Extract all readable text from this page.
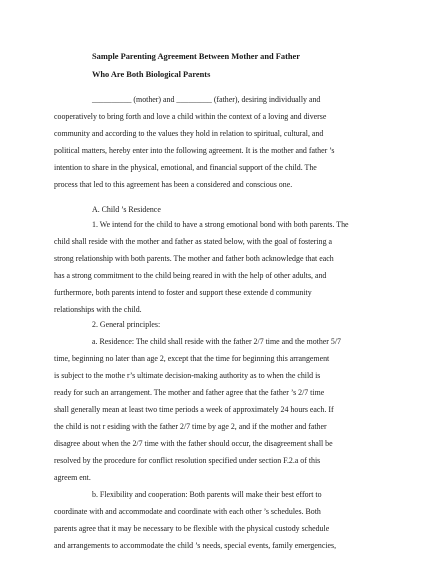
Sample Parenting Agreement Between Mother and Father
Who Are Both Biological Parents
__________ (mother) and _________ (father), desiring individually and
cooperatively to bring forth and love a child within the context of a loving and diverse
community and according to the values they hold in relation to spiritual, cultural, and
political matters, hereby enter into the following agreement. It is the mother and father ’s
intention to share in the physical, emotional, and financial support of the child. The
process that led to this agreement has been a considered and conscious one.
A. Child ’s Residence
1. We intend for the child to have a strong emotional bond with both parents. The
child shall reside with the mother and father as stated below, with the goal of fostering a
strong relationship with both parents. The mother and father both acknowledge that each
has a strong commitment to the child being reared in with the help of other adults, and
furthermore, both parents intend to foster and support these extende d community
relationships with the child.
2. General principles:
a. Residence: The child shall reside with the father 2/7 time and the mother 5/7
time, beginning no later than age 2, except that the time for beginning this arrangement
is subject to the mothe r’s ultimate decision-making authority as to when the child is
ready for such an arrangement. The mother and father agree that the father ’s 2/7 time
shall generally mean at least two time periods a week of approximately 24 hours each. If
the child is not r esiding with the father 2/7 time by age 2, and if the mother and father
disagree about when the 2/7 time with the father should occur, the disagreement shall be
resolved by the procedure for conflict resolution specified under section F.2.a of this
agreem ent.
b. Flexibility and cooperation: Both parents will make their best effort to
coordinate with and accommodate and coordinate with each other ’s schedules. Both
parents agree that it may be necessary to be flexible with the physical custody schedule
and arrangements to accommodate the child ’s needs, special events, family emergencies,
